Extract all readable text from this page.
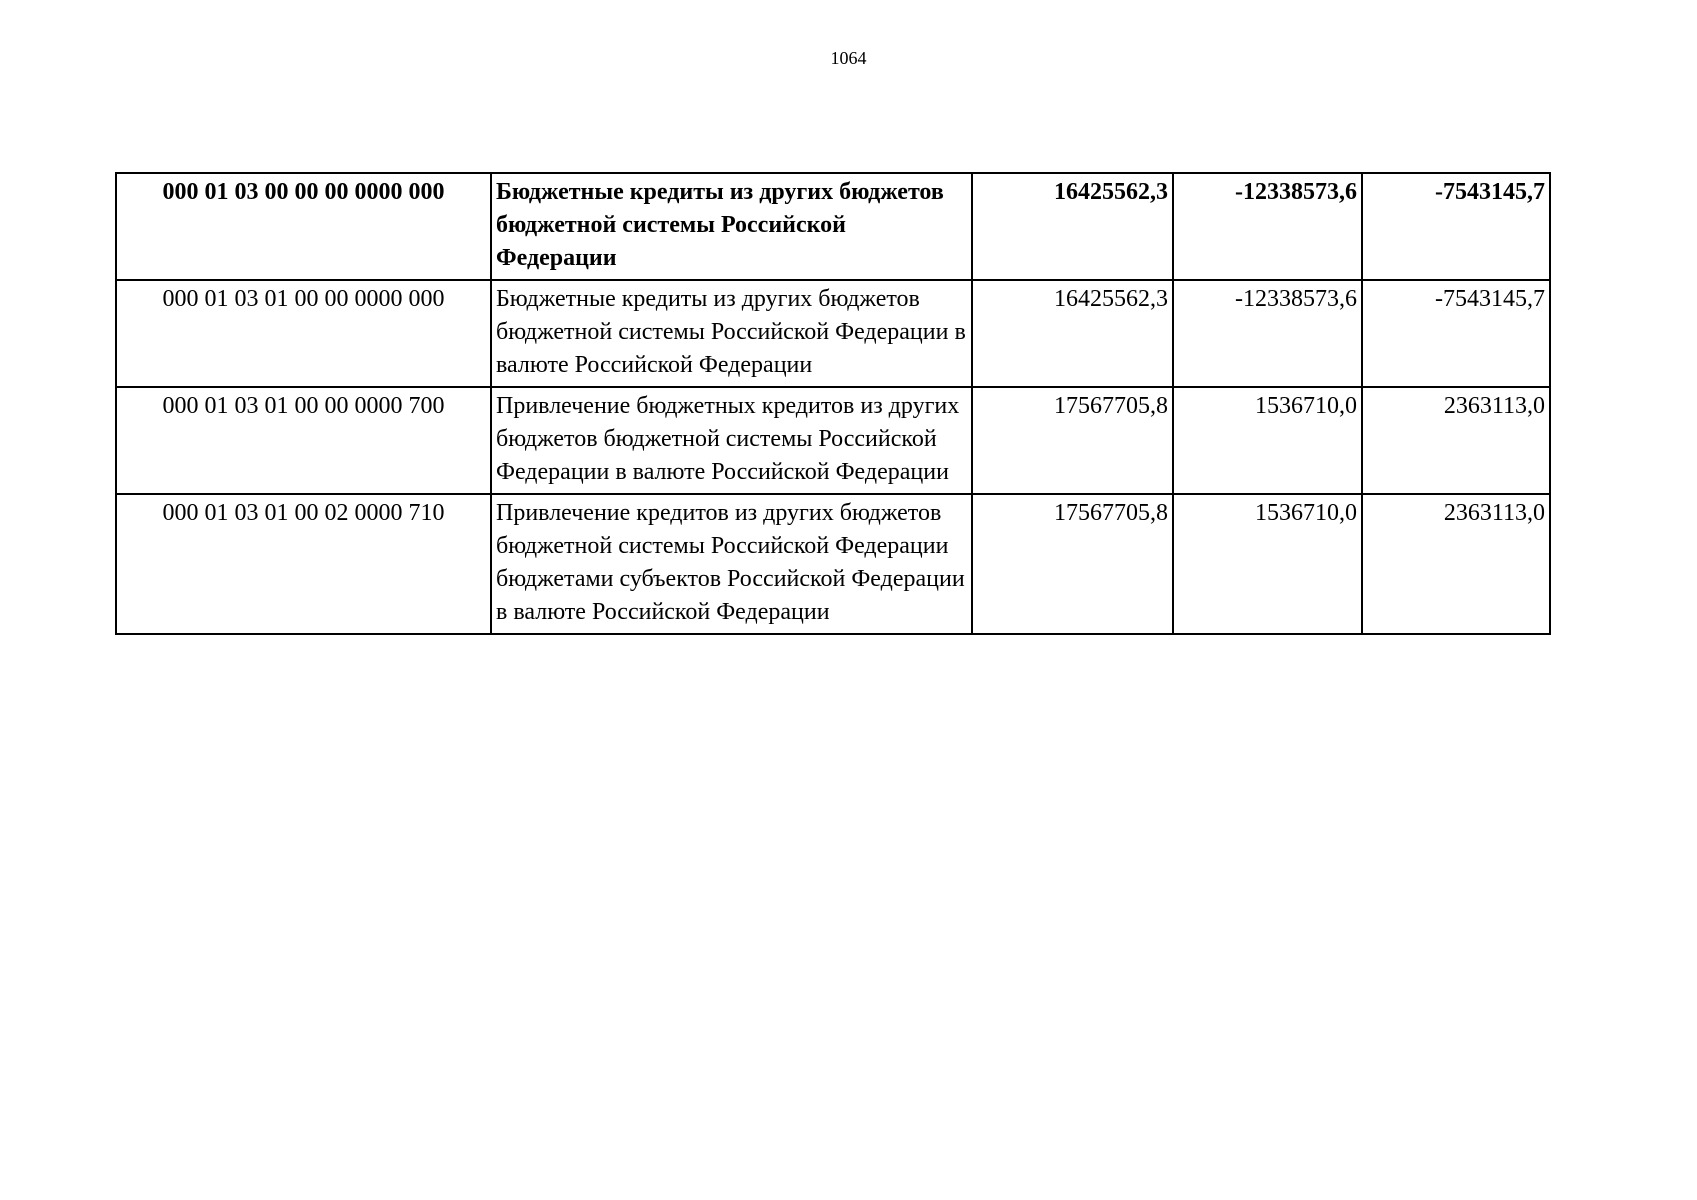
1064
000 01 03 00 00 00 0000 000	Бюджетные кредиты из других бюджетов бюджетной системы Российской Федерации	16425562,3	-12338573,6	-7543145,7
000 01 03 01 00 00 0000 000	Бюджетные кредиты из других бюджетов бюджетной системы Российской Федерации в валюте Российской Федерации	16425562,3	-12338573,6	-7543145,7
000 01 03 01 00 00 0000 700	Привлечение бюджетных кредитов из других бюджетов бюджетной системы Российской Федерации в валюте Российской Федерации	17567705,8	1536710,0	2363113,0
000 01 03 01 00 02 0000 710	Привлечение кредитов из других бюджетов бюджетной системы Российской Федерации бюджетами субъектов Российской Федерации в валюте Российской Федерации	17567705,8	1536710,0	2363113,0
